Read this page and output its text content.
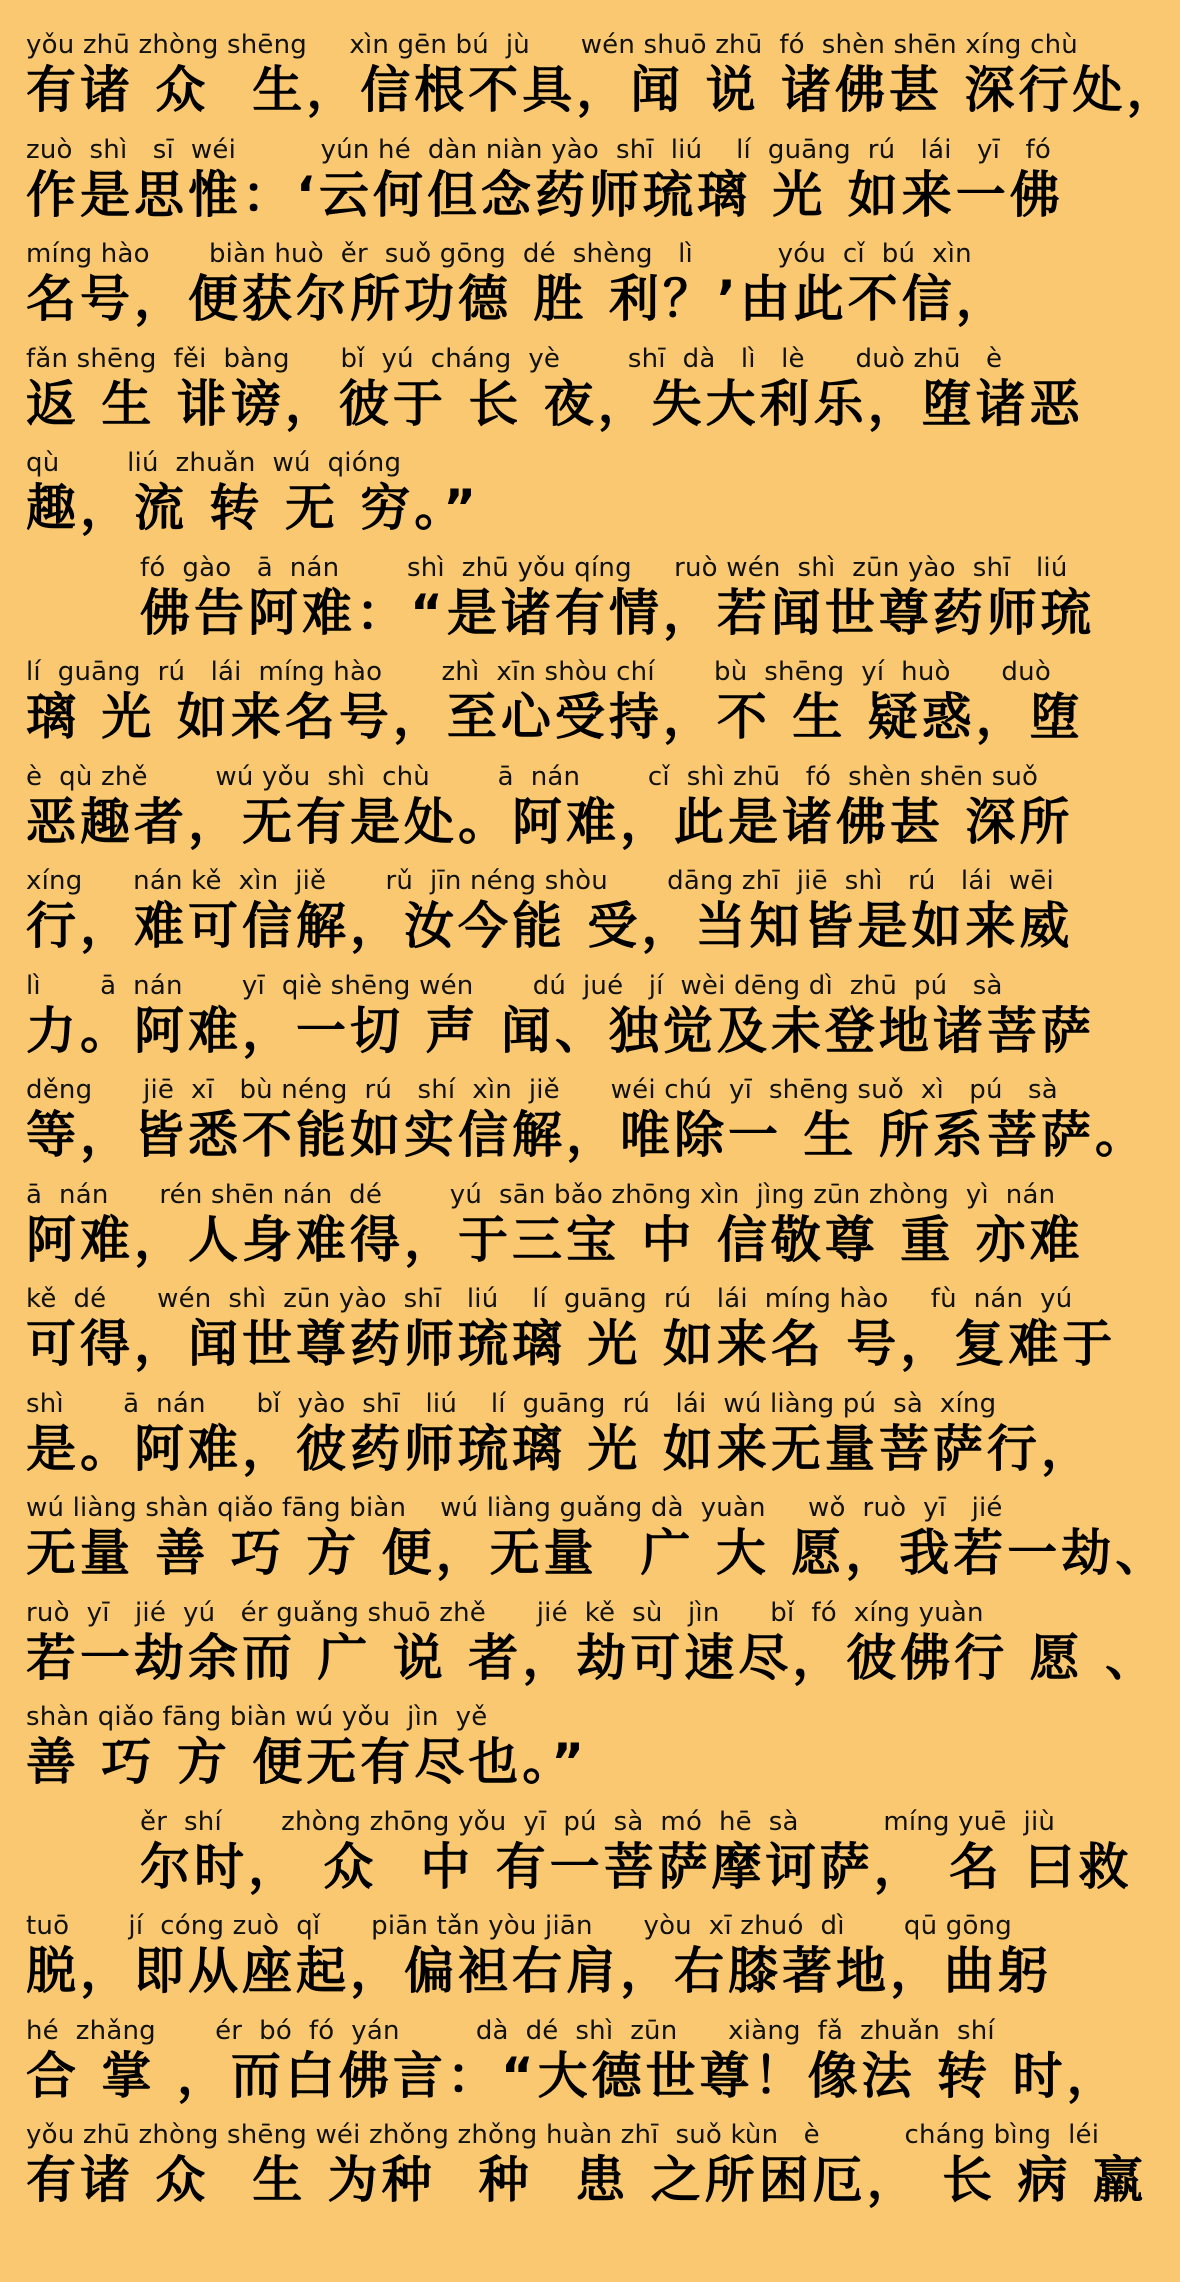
yǒu zhū zhòng shēng     xìn gēn bú  jù      wén shuō zhū  fó  shèn shēn xíng chù
有诸 众  生，信根不具，闻 说 诸佛甚 深行处，
zuò  shì   sī  wéi          yún hé  dàn niàn yào  shī  liú    lí  guāng  rú   lái   yī   fó
作是思惟：‘云何但念药师琉璃 光 如来一佛
míng hào       biàn huò  ěr  suǒ gōng  dé  shèng   lì          yóu  cǐ  bú  xìn
名号，便获尔所功德 胜 利？’由此不信，
fǎn shēng  fěi  bàng      bǐ  yú  cháng  yè        shī  dà   lì   lè      duò zhū   è
返 生 诽谤，彼于 长 夜，失大利乐，堕诸恶
qù        liú  zhuǎn  wú  qióng
趣，流 转 无 穷。”
fó  gào   ā  nán        shì  zhū yǒu qíng     ruò wén  shì  zūn yào  shī   liú
佛告阿难：“是诸有情，若闻世尊药师琉
lí  guāng  rú   lái  míng hào       zhì  xīn shòu chí       bù  shēng  yí  huò      duò
璃 光 如来名号，至心受持，不 生 疑惑，堕
è  qù zhě        wú yǒu  shì  chù        ā  nán        cǐ  shì zhū   fó  shèn shēn suǒ
恶趣者，无有是处。阿难，此是诸佛甚 深所
xíng      nán kě  xìn  jiě       rǔ  jīn néng shòu       dāng zhī  jiē  shì   rú   lái  wēi
行，难可信解，汝今能 受，当知皆是如来威
lì       ā  nán       yī  qiè shēng wén       dú  jué   jí  wèi dēng dì  zhū  pú   sà
力。阿难，一切 声 闻、独觉及未登地诸菩萨
děng      jiē  xī   bù néng  rú   shí  xìn  jiě      wéi chú  yī  shēng suǒ  xì   pú   sà
等，皆悉不能如实信解，唯除一 生 所系菩萨。
ā  nán      rén shēn nán  dé        yú  sān bǎo zhōng xìn  jìng zūn zhòng  yì  nán
阿难，人身难得，于三宝 中 信敬尊 重 亦难
kě  dé      wén  shì  zūn yào  shī   liú    lí  guāng  rú   lái  míng hào     fù  nán  yú
可得，闻世尊药师琉璃 光 如来名 号，复难于
shì       ā  nán      bǐ  yào  shī   liú    lí  guāng  rú   lái  wú liàng pú  sà  xíng
是。阿难，彼药师琉璃 光 如来无量菩萨行，
wú liàng shàn qiǎo fāng biàn    wú liàng guǎng dà  yuàn     wǒ  ruò  yī   jié
无量 善 巧 方 便，无量  广 大 愿，我若一劫、
ruò  yī   jié  yú   ér guǎng shuō zhě      jié  kě  sù   jìn      bǐ  fó  xíng yuàn
若一劫余而 广 说 者，劫可速尽，彼佛行 愿 、
shàn qiǎo fāng biàn wú yǒu  jìn  yě
善 巧 方 便无有尽也。”
ěr  shí       zhòng zhōng yǒu  yī  pú  sà  mó  hē  sà          míng yuē  jiù
尔时， 众  中 有一菩萨摩诃萨， 名 曰救
tuō       jí  cóng zuò  qǐ      piān tǎn yòu jiān      yòu  xī zhuó  dì       qū gōng
脱，即从座起，偏袒右肩，右膝著地，曲躬
hé  zhǎng       ér  bó  fó  yán         dà  dé  shì  zūn      xiàng  fǎ  zhuǎn  shí
合 掌 ，而白佛言：“大德世尊！像法 转 时，
yǒu zhū zhòng shēng wéi zhǒng zhǒng huàn zhī  suǒ kùn   è          cháng bìng  léi
有诸 众  生 为种  种  患 之所困厄， 长 病 羸
